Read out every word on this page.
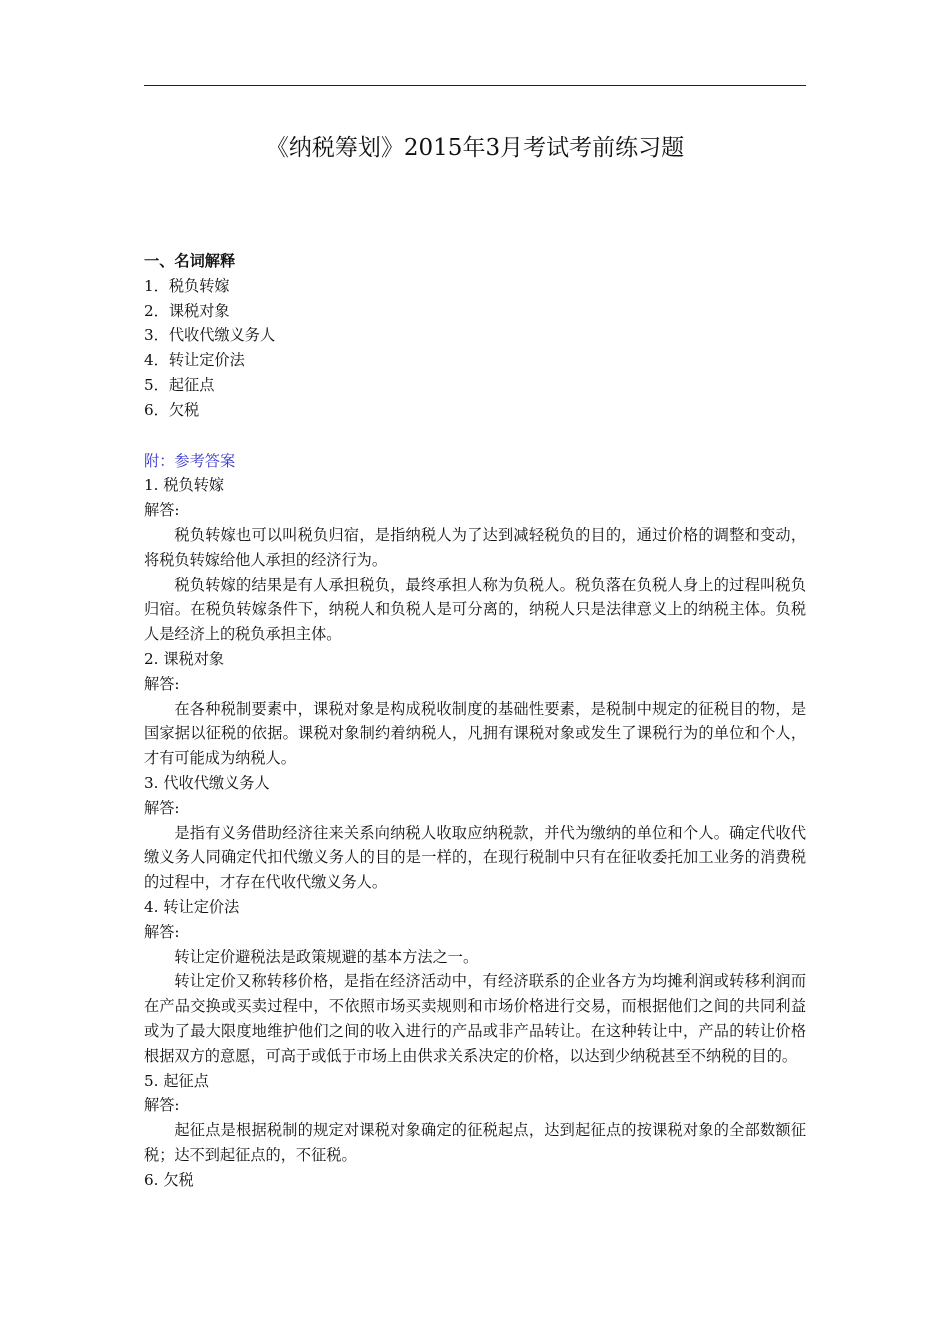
《纳税筹划》2015年3月考试考前练习题

一、名词解释

1．税负转嫁

2．课税对象

3．代收代缴义务人

4．转让定价法

5．起征点

6．欠税

附：参考答案

1. 税负转嫁

解答:

税负转嫁也可以叫税负归宿，是指纳税人为了达到减轻税负的目的，通过价格的调整和变动，将税负转嫁给他人承担的经济行为。

税负转嫁的结果是有人承担税负，最终承担人称为负税人。税负落在负税人身上的过程叫税负归宿。在税负转嫁条件下，纳税人和负税人是可分离的，纳税人只是法律意义上的纳税主体。负税人是经济上的税负承担主体。

2. 课税对象

解答:

在各种税制要素中，课税对象是构成税收制度的基础性要素，是税制中规定的征税目的物，是国家据以征税的依据。课税对象制约着纳税人，凡拥有课税对象或发生了课税行为的单位和个人，才有可能成为纳税人。

3. 代收代缴义务人

解答:

是指有义务借助经济往来关系向纳税人收取应纳税款，并代为缴纳的单位和个人。确定代收代缴义务人同确定代扣代缴义务人的目的是一样的，在现行税制中只有在征收委托加工业务的消费税的过程中，才存在代收代缴义务人。

4. 转让定价法

解答:

转让定价避税法是政策规避的基本方法之一。

转让定价又称转移价格，是指在经济活动中，有经济联系的企业各方为均摊利润或转移利润而在产品交换或买卖过程中，不依照市场买卖规则和市场价格进行交易，而根据他们之间的共同利益或为了最大限度地维护他们之间的收入进行的产品或非产品转让。在这种转让中，产品的转让价格根据双方的意愿，可高于或低于市场上由供求关系决定的价格，以达到少纳税甚至不纳税的目的。

5. 起征点

解答:

起征点是根据税制的规定对课税对象确定的征税起点，达到起征点的按课税对象的全部数额征税；达不到起征点的，不征税。

6. 欠税
